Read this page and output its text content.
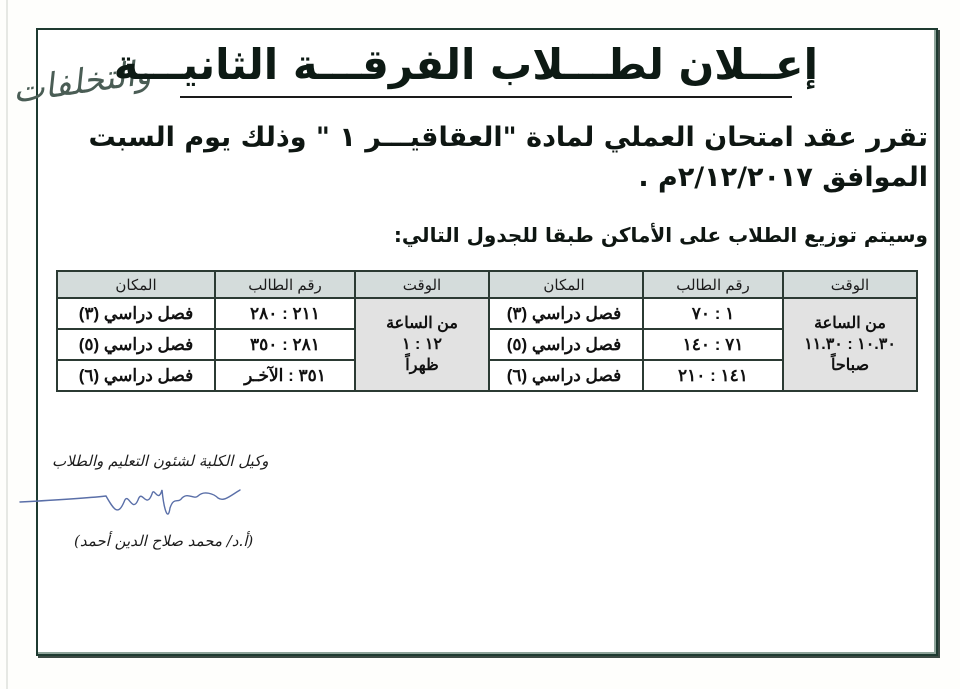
والتخلفات
إعــلان لطـــلاب الفرقـــة الثانيـــة
تقرر عقد امتحان العملي لمادة "العقاقيـــر ١ " وذلك يوم السبت
الموافق ٢/١٢/٢٠١٧م .
وسيتم توزيع الطلاب على الأماكن طبقا للجدول التالي:
الوقت	رقم الطالب	المكان

من الساعة
١٠.٣٠ : ١١.٣٠
صباحاً	١ : ٧٠	فصل دراسي (٣)
	٧١ : ١٤٠	فصل دراسي (٥)
	١٤١ : ٢١٠	فصل دراسي (٦)
الوقت	رقم الطالب	المكان

من الساعة
١٢ : ١
ظهراً	٢١١ : ٢٨٠	فصل دراسي (٣)
	٢٨١ : ٣٥٠	فصل دراسي (٥)
	٣٥١ : الآخـر	فصل دراسي (٦)
وكيل الكلية لشئون التعليم والطلاب
(أ.د/ محمد صلاح الدين أحمد)
